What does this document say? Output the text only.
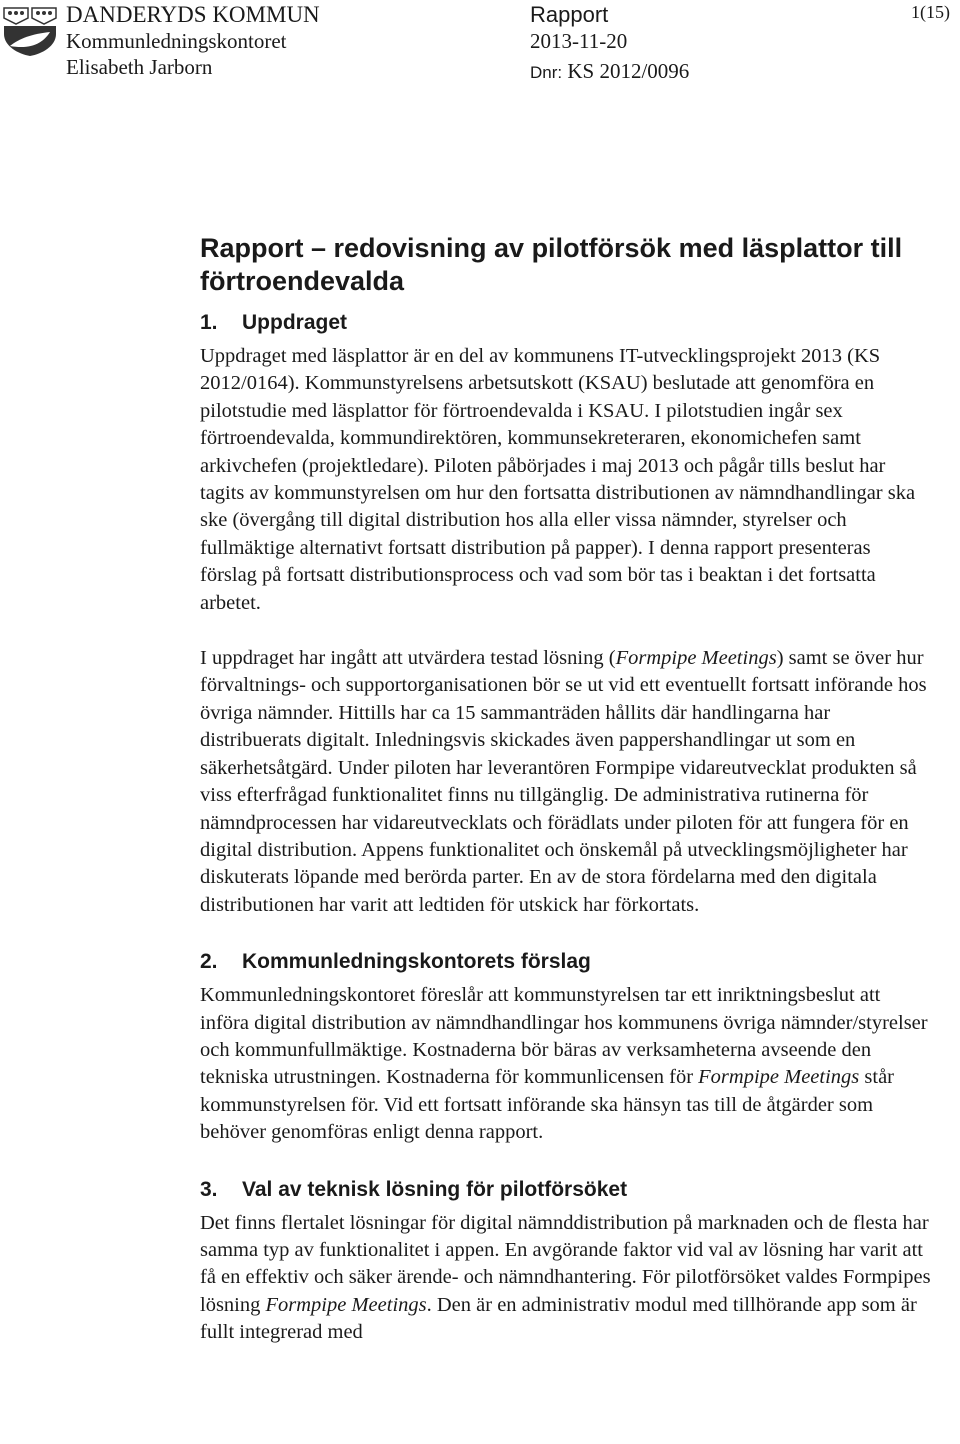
DANDERYDS KOMMUN
Kommunledningskontoret
Elisabeth Jarborn
Rapport
2013-11-20
Dnr: KS 2012/0096
1(15)
Rapport – redovisning av pilotförsök med läsplattor till förtroendevalda
1. Uppdraget

Uppdraget med läsplattor är en del av kommunens IT-utvecklingsprojekt 2013 (KS 2012/0164). Kommunstyrelsens arbetsutskott (KSAU) beslutade att genomföra en pilotstudie med läsplattor för förtroendevalda i KSAU. I pilotstudien ingår sex förtroendevalda, kommundirektören, kommunsekreteraren, ekonomichefen samt arkivchefen (projektledare). Piloten påbörjades i maj 2013 och pågår tills beslut har tagits av kommunstyrelsen om hur den fortsatta distributionen av nämndhandlingar ska ske (övergång till digital distribution hos alla eller vissa nämnder, styrelser och fullmäktige alternativt fortsatt distribution på papper). I denna rapport presenteras förslag på fortsatt distributionsprocess och vad som bör tas i beaktan i det fortsatta arbetet.

I uppdraget har ingått att utvärdera testad lösning (Formpipe Meetings) samt se över hur förvaltnings- och supportorganisationen bör se ut vid ett eventuellt fortsatt införande hos övriga nämnder. Hittills har ca 15 sammanträden hållits där handlingarna har distribuerats digitalt. Inledningsvis skickades även pappershandlingar ut som en säkerhetsåtgärd. Under piloten har leverantören Formpipe vidareutvecklat produkten så viss efterfrågad funktionalitet finns nu tillgänglig. De administrativa rutinerna för nämndprocessen har vidareutvecklats och förädlats under piloten för att fungera för en digital distribution. Appens funktionalitet och önskemål på utvecklingsmöjligheter har diskuterats löpande med berörda parter. En av de stora fördelarna med den digitala distributionen har varit att ledtiden för utskick har förkortats.

2. Kommunledningskontorets förslag

Kommunledningskontoret föreslår att kommunstyrelsen tar ett inriktningsbeslut att införa digital distribution av nämndhandlingar hos kommunens övriga nämnder/styrelser och kommunfullmäktige. Kostnaderna bör bäras av verksamheterna avseende den tekniska utrustningen. Kostnaderna för kommunlicensen för Formpipe Meetings står kommunstyrelsen för. Vid ett fortsatt införande ska hänsyn tas till de åtgärder som behöver genomföras enligt denna rapport.

3. Val av teknisk lösning för pilotförsöket

Det finns flertalet lösningar för digital nämnddistribution på marknaden och de flesta har samma typ av funktionalitet i appen. En avgörande faktor vid val av lösning har varit att få en effektiv och säker ärende- och nämndhantering. För pilotförsöket valdes Formpipes lösning Formpipe Meetings. Den är en administrativ modul med tillhörande app som är fullt integrerad med
